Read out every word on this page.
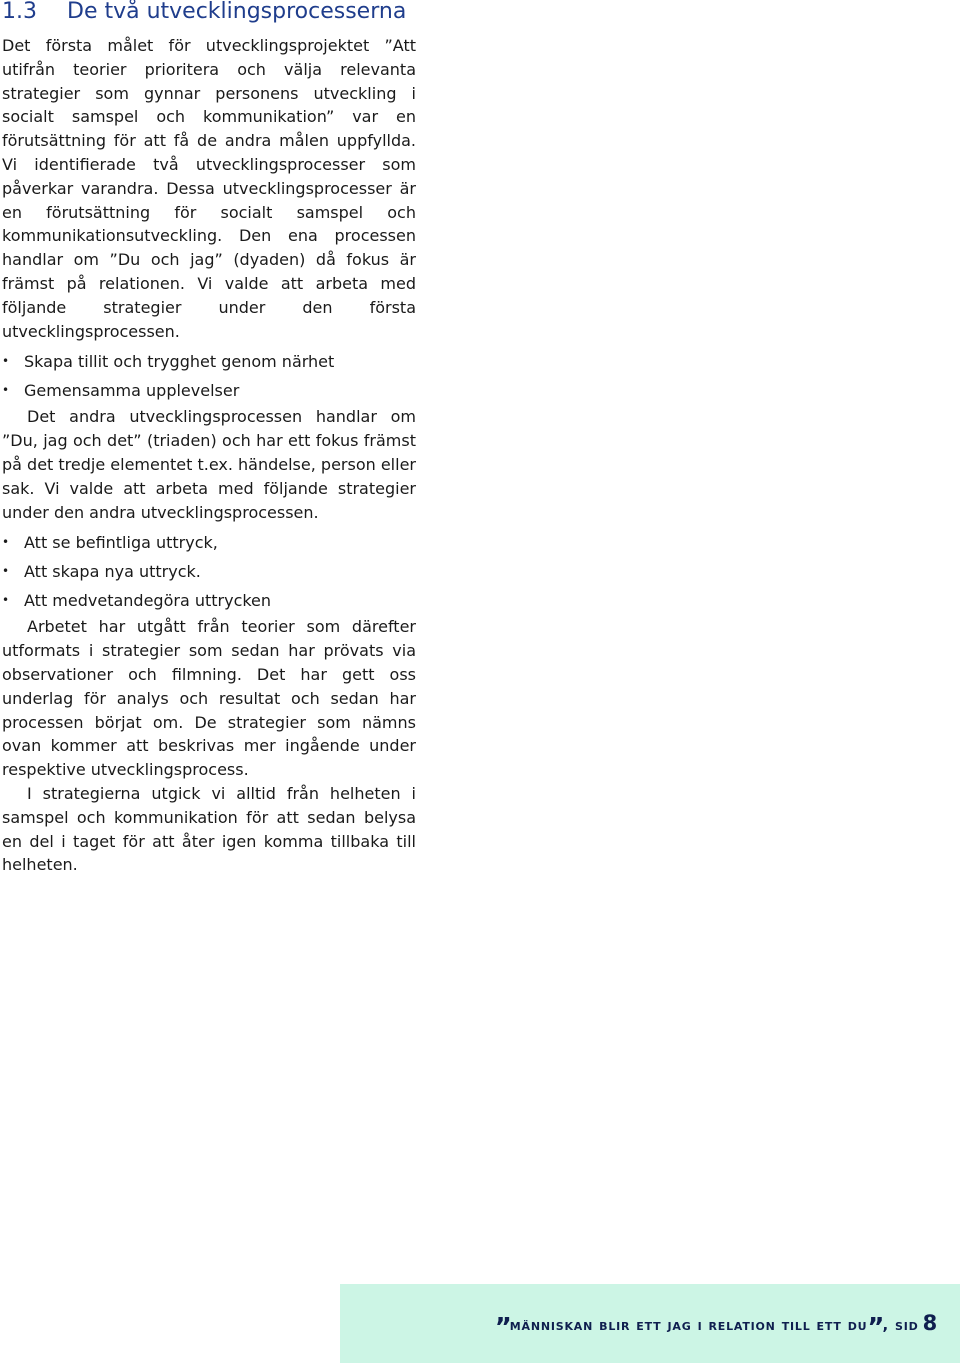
1.3 De två utvecklingsprocesserna

Det första målet för utvecklingsprojektet ”Att utifrån teorier prioritera och välja relevanta strategier som gynnar personens utveckling i socialt samspel och kommunikation” var en förutsättning för att få de andra målen uppfyllda. Vi identifierade två utvecklingsprocesser som påverkar varandra. Dessa utvecklingsprocesser är en förutsättning för socialt samspel och kommunikationsutveckling. Den ena processen handlar om ”Du och jag” (dyaden) då fokus är främst på relationen. Vi valde att arbeta med följande strategier under den första utvecklingsprocessen.

• Skapa tillit och trygghet genom närhet
• Gemensamma upplevelser

Det andra utvecklingsprocessen handlar om ”Du, jag och det” (triaden) och har ett fokus främst på det tredje elementet t.ex. händelse, person eller sak. Vi valde att arbeta med följande strategier under den andra utvecklingsprocessen.

• Att se befintliga uttryck,
• Att skapa nya uttryck.
• Att medvetandegöra uttrycken

Arbetet har utgått från teorier som därefter utformats i strategier som sedan har prövats via observationer och filmning. Det har gett oss underlag för analys och resultat och sedan har processen börjat om. De strategier som nämns ovan kommer att beskrivas mer ingående under respektive utvecklingsprocess.

I strategierna utgick vi alltid från helheten i samspel och kommunikation för att sedan belysa en del i taget för att åter igen komma tillbaka till helheten.

”människan blir ett jag i relation till ett du”, sid 8
